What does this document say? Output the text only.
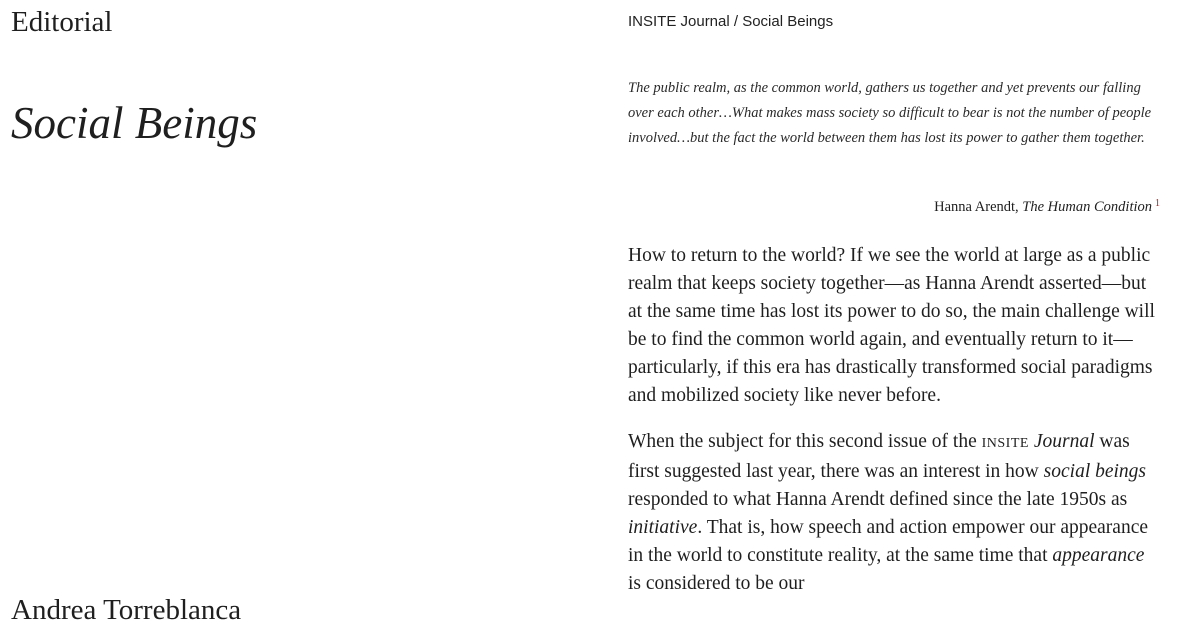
Editorial
Social Beings
Andrea Torreblanca
INSITE Journal / Social Beings
The public realm, as the common world, gathers us together and yet prevents our falling over each other…What makes mass society so difficult to bear is not the number of people involved…but the fact the world between them has lost its power to gather them together.
Hanna Arendt, The Human Condition $^1$

How to return to the world? If we see the world at large as a public realm that keeps society together—as Hanna Arendt asserted—but at the same time has lost its power to do so, the main challenge will be to find the common world again, and eventually return to it—particularly, if this era has drastically transformed social paradigms and mobilized society like never before.

When the subject for this second issue of the INSITE Journal was first suggested last year, there was an interest in how social beings responded to what Hanna Arendt defined since the late 1950s as initiative. That is, how speech and action empower our appearance in the world to constitute reality, at the same time that appearance is considered to be our
